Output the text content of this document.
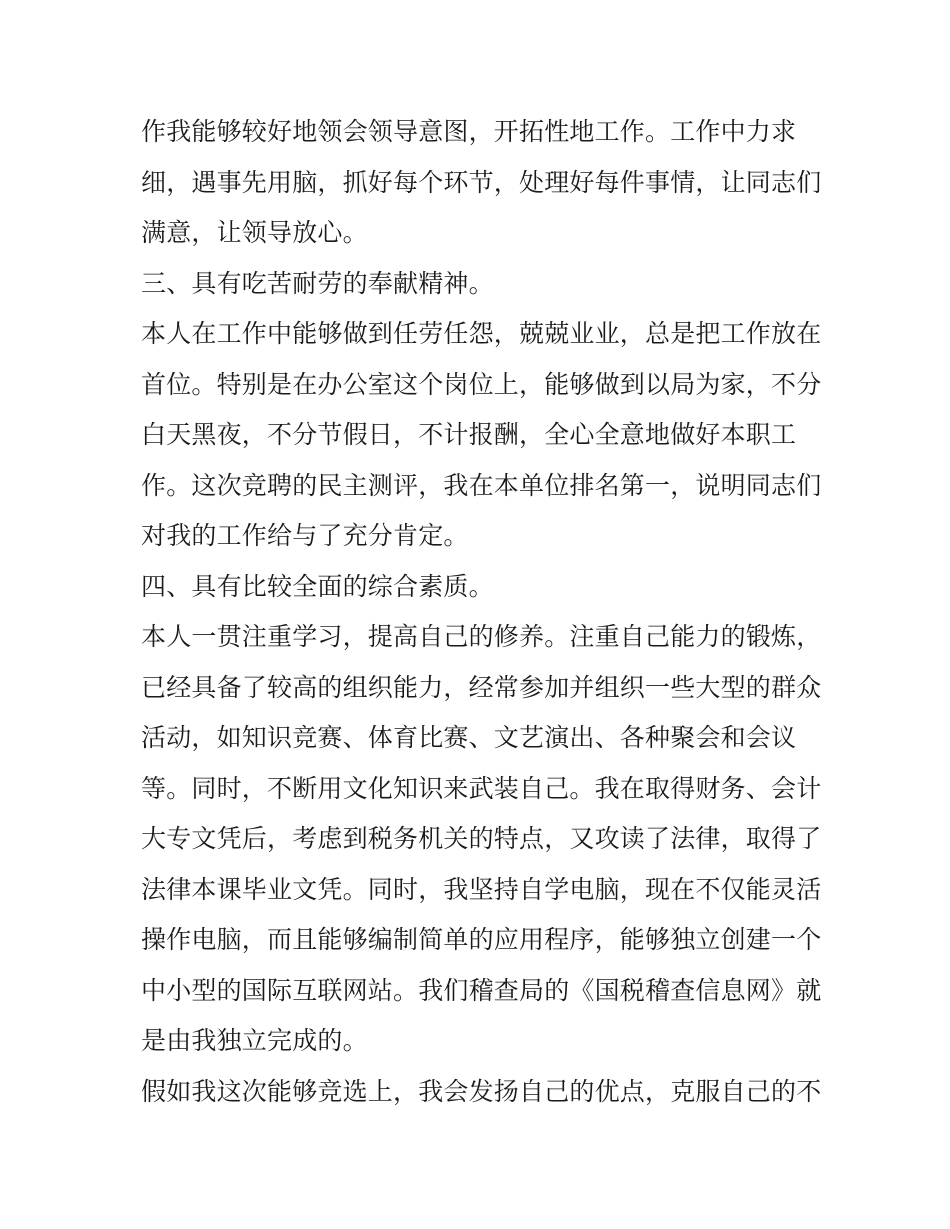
作我能够较好地领会领导意图，开拓性地工作。工作中力求
细，遇事先用脑，抓好每个环节，处理好每件事情，让同志们
满意，让领导放心。
三、具有吃苦耐劳的奉献精神。
本人在工作中能够做到任劳任怨，兢兢业业，总是把工作放在
首位。特别是在办公室这个岗位上，能够做到以局为家，不分
白天黑夜，不分节假日，不计报酬，全心全意地做好本职工
作。这次竞聘的民主测评，我在本单位排名第一，说明同志们
对我的工作给与了充分肯定。
四、具有比较全面的综合素质。
本人一贯注重学习，提高自己的修养。注重自己能力的锻炼，
已经具备了较高的组织能力，经常参加并组织一些大型的群众
活动，如知识竞赛、体育比赛、文艺演出、各种聚会和会议
等。同时，不断用文化知识来武装自己。我在取得财务、会计
大专文凭后，考虑到税务机关的特点，又攻读了法律，取得了
法律本课毕业文凭。同时，我坚持自学电脑，现在不仅能灵活
操作电脑，而且能够编制简单的应用程序，能够独立创建一个
中小型的国际互联网站。我们稽查局的《国税稽查信息网》就
是由我独立完成的。
假如我这次能够竞选上，我会发扬自己的优点，克服自己的不
